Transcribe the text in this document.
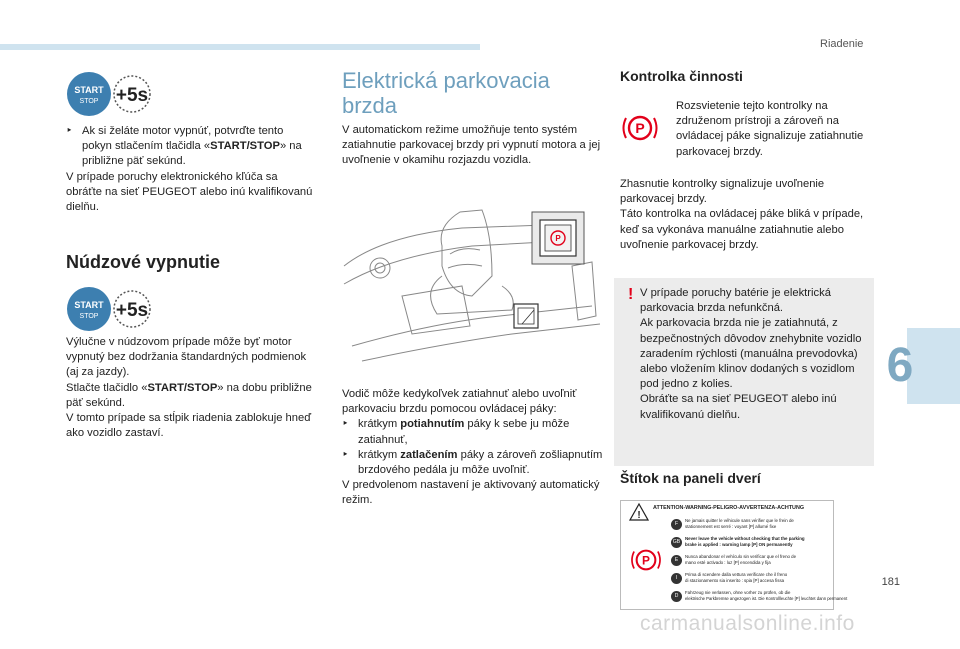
Riadenie
6
181
carmanualsonline.info
START
STOP +5s
‣ Ak si želáte motor vypnúť, potvrďte tento pokyn stlačením tlačidla «START/STOP» na približne päť sekúnd.
V prípade poruchy elektronického kľúča sa obráťte na sieť PEUGEOT alebo inú kvalifikovanú dielňu.
Núdzové vypnutie
START
STOP +5s
Výlučne v núdzovom prípade môže byť motor vypnutý bez dodržania štandardných podmienok (aj za jazdy).
Stlačte tlačidlo «START/STOP» na dobu približne päť sekúnd.
V tomto prípade sa stĺpik riadenia zablokuje hneď ako vozidlo zastaví.
Elektrická parkovacia
brzda
V automatickom režime umožňuje tento systém zatiahnutie parkovacej brzdy pri vypnutí motora a jej uvoľnenie v okamihu rozjazdu vozidla.
P
Vodič môže kedykoľvek zatiahnuť alebo uvoľniť parkovaciu brzdu pomocou ovládacej páky:
‣ krátkym potiahnutím páky k sebe ju môže zatiahnuť,
‣ krátkym zatlačením páky a zároveň zošliapnutím brzdového pedála ju môže uvoľniť.
V predvolenom nastavení je aktivovaný automatický režim.
Kontrolka činnosti
P
Rozsvietenie tejto kontrolky na združenom prístroji a zároveň na ovládacej páke signalizuje zatiahnutie parkovacej brzdy.
Zhasnutie kontrolky signalizuje uvoľnenie parkovacej brzdy.
Táto kontrolka na ovládacej páke bliká v prípade, keď sa vykonáva manuálne zatiahnutie alebo uvoľnenie parkovacej brzdy.
! V prípade poruchy batérie je elektrická parkovacia brzda nefunkčná.
Ak parkovacia brzda nie je zatiahnutá, z bezpečnostných dôvodov znehybnite vozidlo zaradením rýchlosti (manuálna prevodovka) alebo vložením klinov dodaných s vozidlom pod jedno z kolies.
Obráťte sa na sieť PEUGEOT alebo inú kvalifikovanú dielňu.
Štítok na paneli dverí
ATTENTION-WARNING-PELIGRO-AVVERTENZA-ACHTUNG
!
P
F
Ne jamais quitter le véhicule sans vérifier que le frein de
stationnement est serré : voyant [P] allumé fixe
GB
Never leave the vehicle without checking that the parking
brake is applied : warning lamp [P] ON permanently
E
Nunca abandonar el vehículo sin verificar que el freno de
mano esté activado : luz [P] encendida y fija
I
Prima di scendere dalla vettura verificare che il freno
di stazionamento sia inserito : spia [P] accesa fissa
D
Fahrzeug nie verlassen, ohne vorher zu prüfen, ob die
elektrische Parkbremse angezogen ist. Die Kontrollleuchte [P] leuchtet dann permanent
